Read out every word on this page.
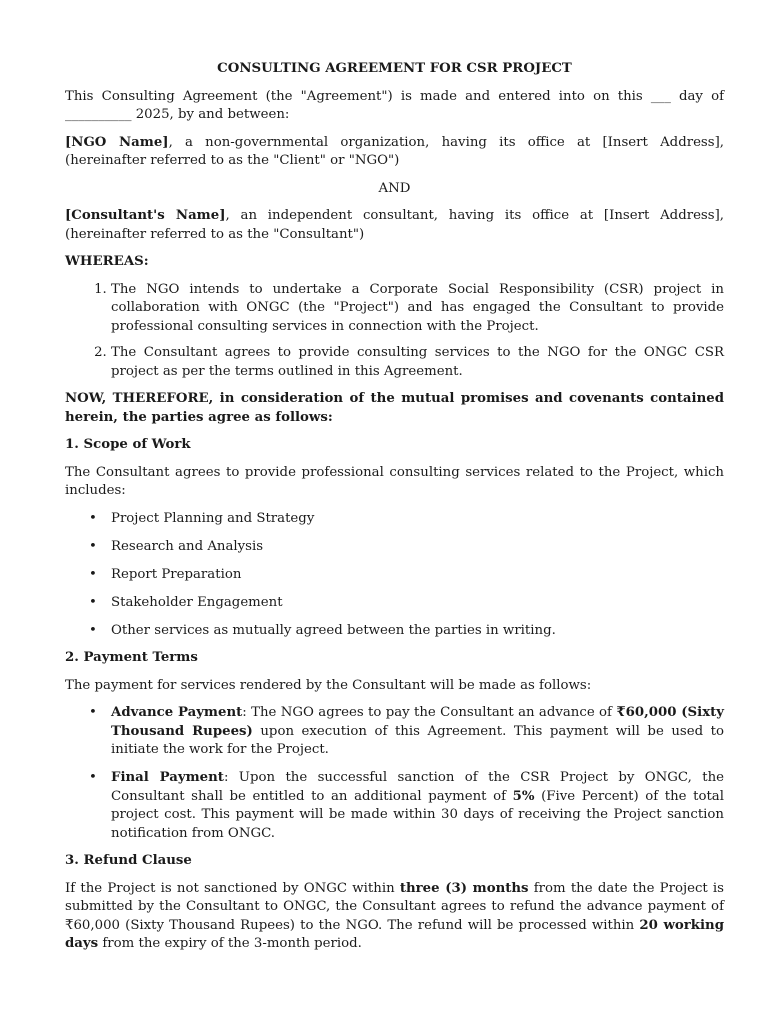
CONSULTING AGREEMENT FOR CSR PROJECT

This Consulting Agreement (the "Agreement") is made and entered into on this ___ day of __________ 2025, by and between:

[NGO Name], a non-governmental organization, having its office at [Insert Address], (hereinafter referred to as the "Client" or "NGO")

AND

[Consultant's Name], an independent consultant, having its office at [Insert Address], (hereinafter referred to as the "Consultant")

WHEREAS:
1. The NGO intends to undertake a Corporate Social Responsibility (CSR) project in collaboration with ONGC (the "Project") and has engaged the Consultant to provide professional consulting services in connection with the Project.
2. The Consultant agrees to provide consulting services to the NGO for the ONGC CSR project as per the terms outlined in this Agreement.

NOW, THEREFORE, in consideration of the mutual promises and covenants contained herein, the parties agree as follows:

1. Scope of Work

The Consultant agrees to provide professional consulting services related to the Project, which includes:

• Project Planning and Strategy
• Research and Analysis
• Report Preparation
• Stakeholder Engagement
• Other services as mutually agreed between the parties in writing.
2. Payment Terms

The payment for services rendered by the Consultant will be made as follows:

• Advance Payment: The NGO agrees to pay the Consultant an advance of ₹60,000 (Sixty Thousand Rupees) upon execution of this Agreement. This payment will be used to initiate the work for the Project.
• Final Payment: Upon the successful sanction of the CSR Project by ONGC, the Consultant shall be entitled to an additional payment of 5% (Five Percent) of the total project cost. This payment will be made within 30 days of receiving the Project sanction notification from ONGC.
3. Refund Clause

If the Project is not sanctioned by ONGC within three (3) months from the date the Project is submitted by the Consultant to ONGC, the Consultant agrees to refund the advance payment of ₹60,000 (Sixty Thousand Rupees) to the NGO. The refund will be processed within 20 working days from the expiry of the 3-month period.
